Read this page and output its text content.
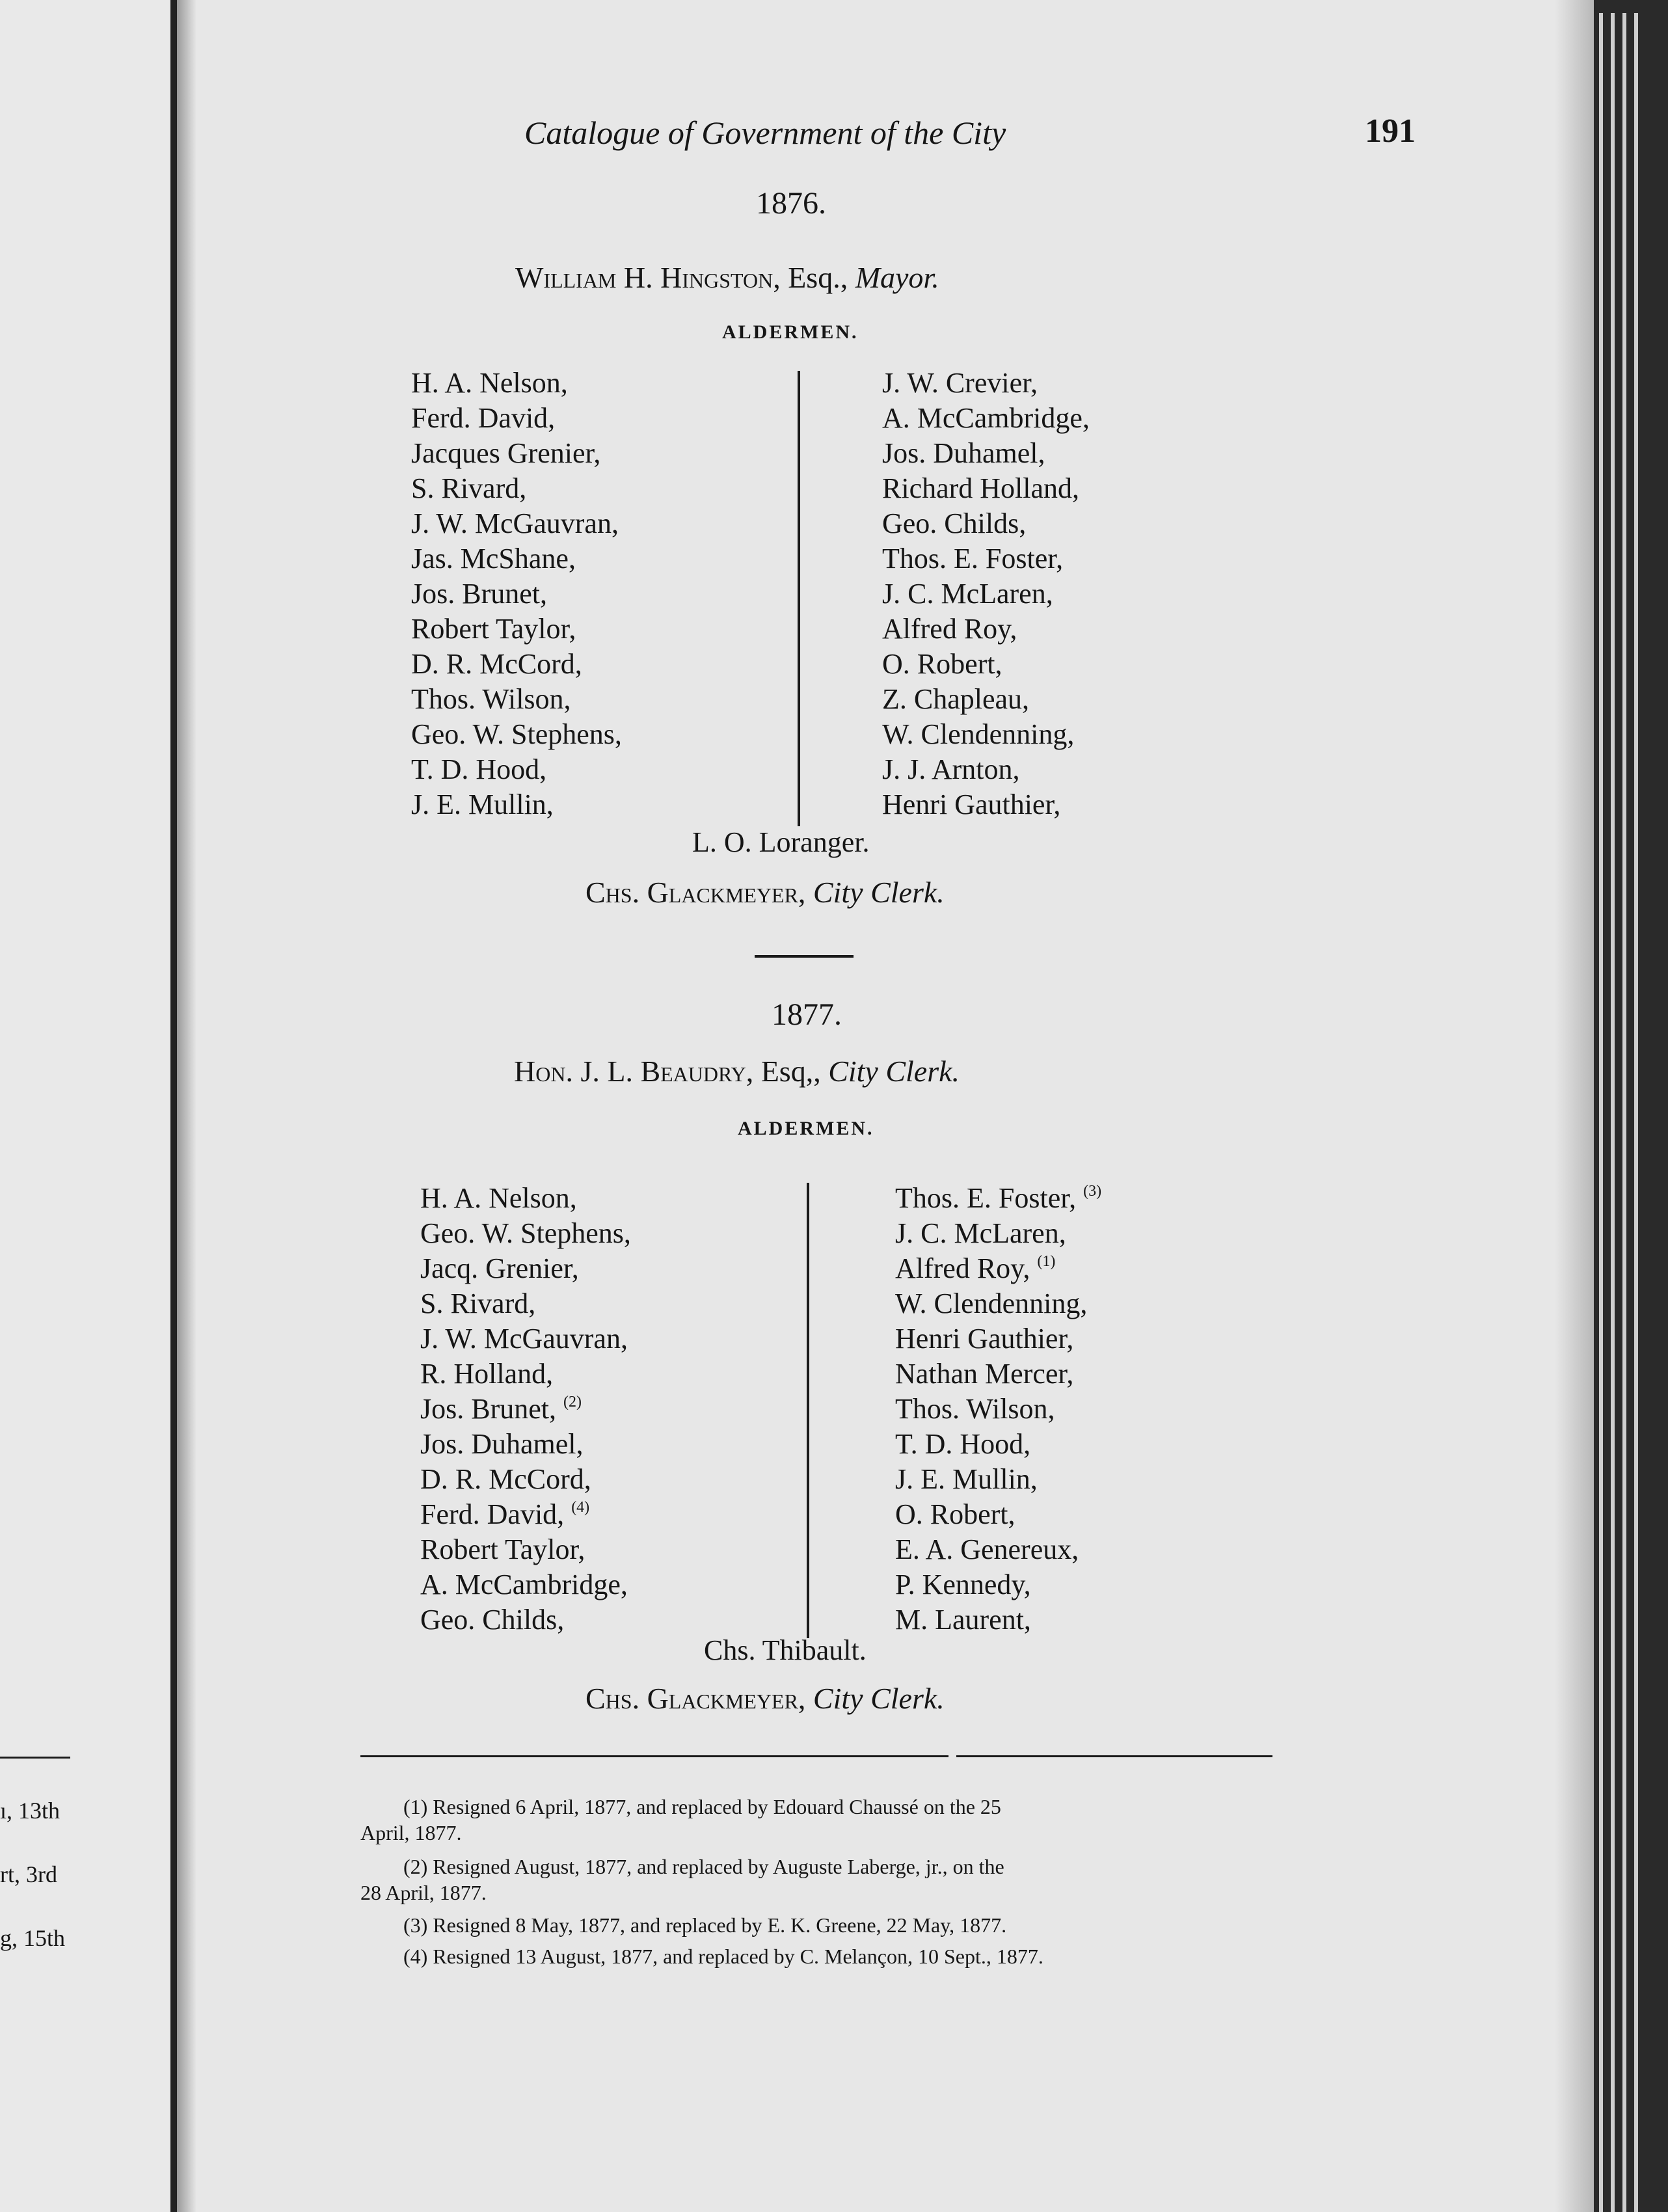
ı, 13th
rt, 3rd
g, 15th
Catalogue of Government of the City	191
1876.
William H. Hingston, Esq., Mayor.
ALDERMEN.
H. A. Nelson,
Ferd. David,
Jacques Grenier,
S. Rivard,
J. W. McGauvran,
Jas. McShane,
Jos. Brunet,
Robert Taylor,
D. R. McCord,
Thos. Wilson,
Geo. W. Stephens,
T. D. Hood,
J. E. Mullin,
J. W. Crevier,
A. McCambridge,
Jos. Duhamel,
Richard Holland,
Geo. Childs,
Thos. E. Foster,
J. C. McLaren,
Alfred Roy,
O. Robert,
Z. Chapleau,
W. Clendenning,
J. J. Arnton,
Henri Gauthier,
L. O. Loranger.
Chs. Glackmeyer, City Clerk.
1877.
Hon. J. L. Beaudry, Esq,, City Clerk.
ALDERMEN.
H. A. Nelson,
Geo. W. Stephens,
Jacq. Grenier,
S. Rivard,
J. W. McGauvran,
R. Holland,
Jos. Brunet, $^{(2)}$
Jos. Duhamel,
D. R. McCord,
Ferd. David, $^{(4)}$
Robert Taylor,
A. McCambridge,
Geo. Childs,
Thos. E. Foster, $^{(3)}$
J. C. McLaren,
Alfred Roy, $^{(1)}$
W. Clendenning,
Henri Gauthier,
Nathan Mercer,
Thos. Wilson,
T. D. Hood,
J. E. Mullin,
O. Robert,
E. A. Genereux,
P. Kennedy,
M. Laurent,
Chs. Thibault.
Chs. Glackmeyer, City Clerk.
(1) Resigned 6 April, 1877, and replaced by Edouard Chaussé on the 25
April, 1877.
(2) Resigned August, 1877, and replaced by Auguste Laberge, jr., on the
28 April, 1877.
(3) Resigned 8 May, 1877, and replaced by E. K. Greene, 22 May, 1877.
(4) Resigned 13 August, 1877, and replaced by C. Melançon, 10 Sept., 1877.
